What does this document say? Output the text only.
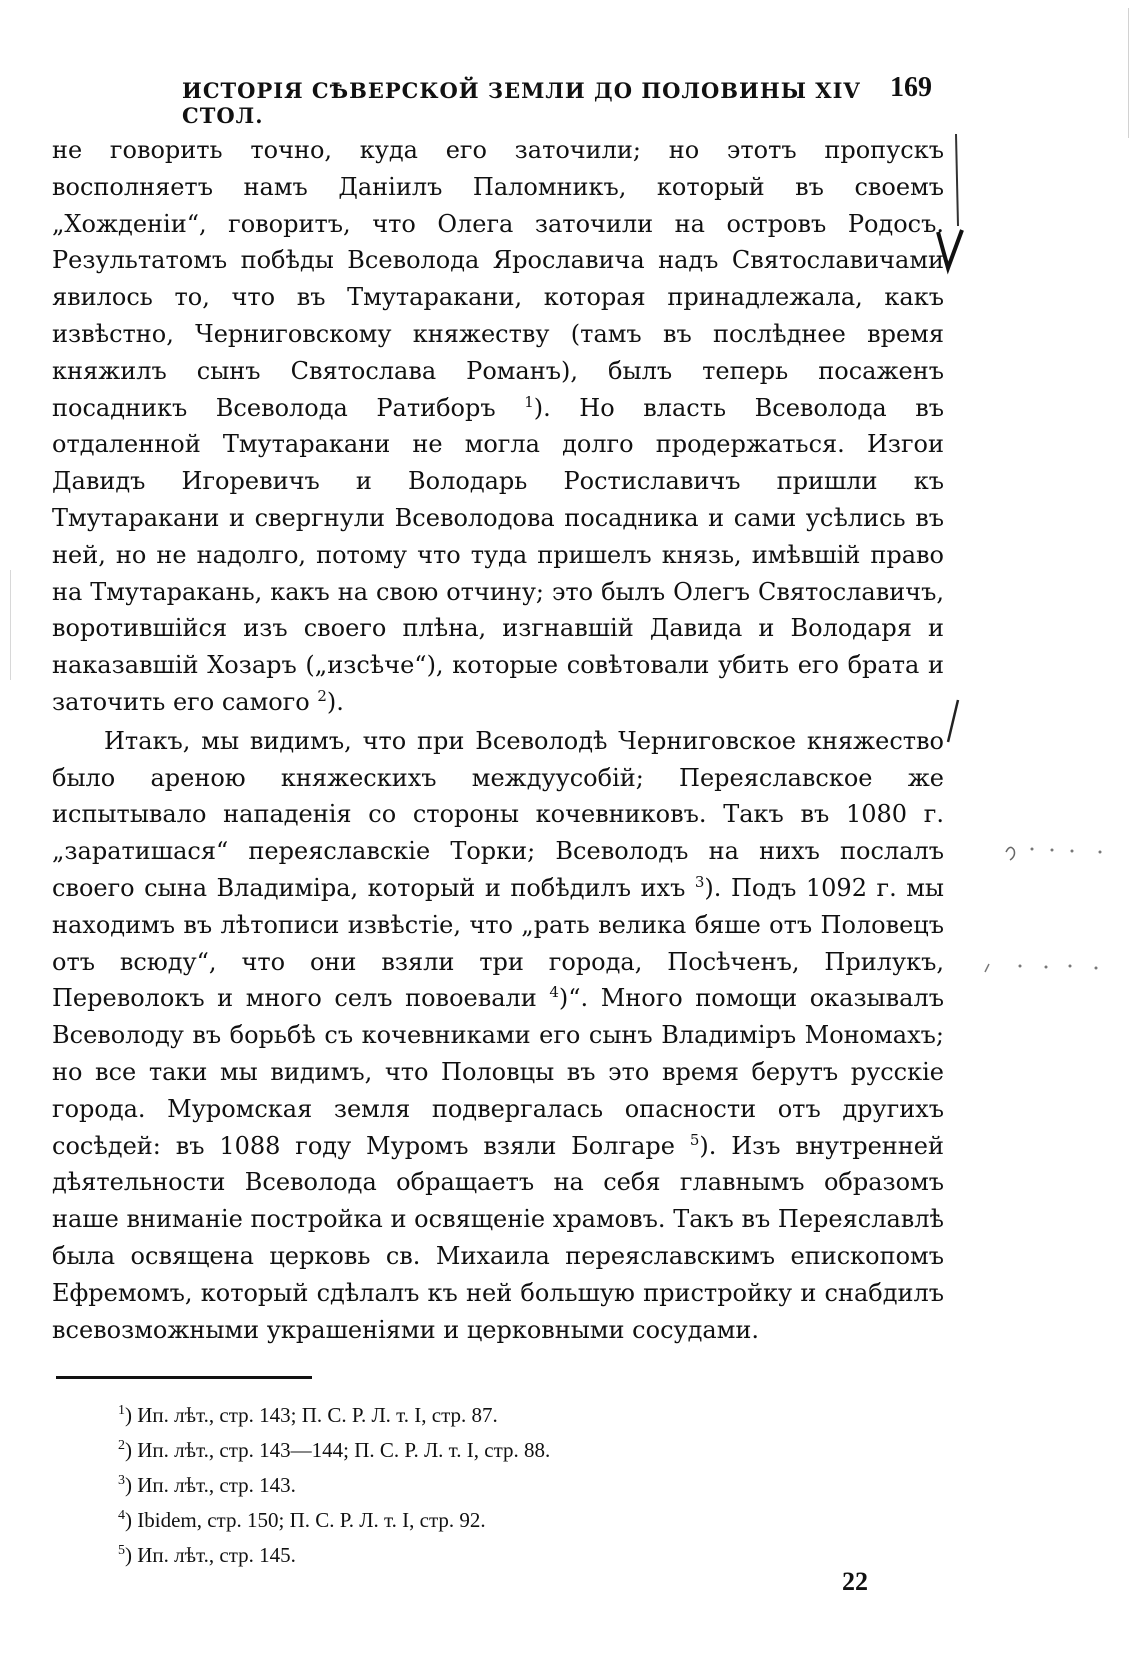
ИСТОРІЯ СѢВЕРСКОЙ ЗЕМЛИ ДО ПОЛОВИНЫ XIV СТОЛ.
169

не говорить точно, куда его заточили; но этотъ пропускъ восполняетъ намъ Даніилъ Паломникъ, который въ своемъ „Хожденіи“, говоритъ, что Олега заточили на островъ Родосъ. Результатомъ побѣды Всеволода Ярославича надъ Святославичами явилось то, что въ Тмутаракани, которая принадлежала, какъ извѣстно, Черниговскому княжеству (тамъ въ послѣднее время княжилъ сынъ Святослава Романъ), былъ теперь посаженъ посадникъ Всеволода Ратиборъ $^1$). Но власть Всеволода въ отдаленной Тмутаракани не могла долго продержаться. Изгои Давидъ Игоревичъ и Володарь Ростиславичъ пришли къ Тмутаракани и свергнули Всеволодова посадника и сами усѣлись въ ней, но не надолго, потому что туда пришелъ князь, имѣвшій право на Тмутаракань, какъ на свою отчину; это былъ Олегъ Святославичъ, воротившійся изъ своего плѣна, изгнавшій Давида и Володаря и наказавшій Хозаръ („изсѣче“), которые совѣтовали убить его брата и заточить его самого $^2$).

Итакъ, мы видимъ, что при Всеволодѣ Черниговское княжество было ареною княжескихъ междуусобій; Переяславское же испытывало нападенія со стороны кочевниковъ. Такъ въ 1080 г. „заратишася“ переяславскіе Торки; Всеволодъ на нихъ послалъ своего сына Владиміра, который и побѣдилъ ихъ $^3$). Подъ 1092 г. мы находимъ въ лѣтописи извѣстіе, что „рать велика бяше отъ Половецъ отъ всюду“, что они взяли три города, Посѣченъ, Прилукъ, Переволокъ и много селъ повоевали $^4$)“. Много помощи оказывалъ Всеволоду въ борьбѣ съ кочевниками его сынъ Владиміръ Мономахъ; но все таки мы видимъ, что Половцы въ это время берутъ русскіе города. Муромская земля подвергалась опасности отъ другихъ сосѣдей: въ 1088 году Муромъ взяли Болгаре $^5$). Изъ внутренней дѣятельности Всеволода обращаетъ на себя главнымъ образомъ наше вниманіе постройка и освященіе храмовъ. Такъ въ Переяславлѣ была освящена церковь св. Михаила переяславскимъ епископомъ Ефремомъ, который сдѣлалъ къ ней большую пристройку и снабдилъ всевозможными украшеніями и церковными сосудами.

$^1$) Ип. лѣт., стр. 143; П. С. Р. Л. т. I, стр. 87.
$^2$) Ип. лѣт., стр. 143—144; П. С. Р. Л. т. I, стр. 88.
$^3$) Ип. лѣт., стр. 143.
$^4$) Ibidem, стр. 150; П. С. Р. Л. т. I, стр. 92.
$^5$) Ип. лѣт., стр. 145.
22
